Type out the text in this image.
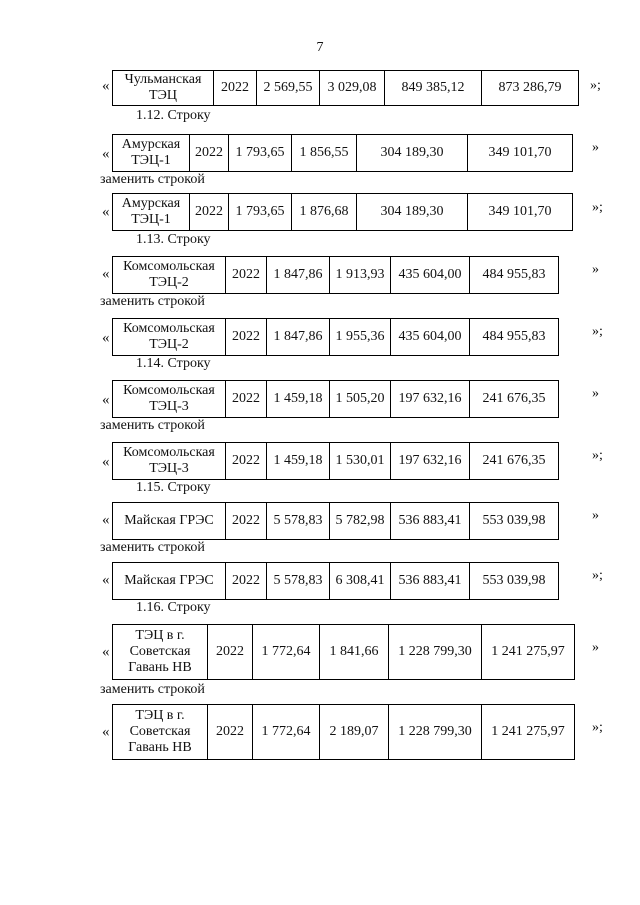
7
« Чульманская ТЭЦ	2022	2 569,55	3 029,08	849 385,12	873 286,79 »;
1.12. Строку
«
Амурская ТЭЦ-1	2022	1 793,65	1 856,55	304 189,30	349 101,70	»
заменить строкой
«
Амурская ТЭЦ-1	2022	1 793,65	1 876,68	304 189,30	349 101,70	»;
1.13. Строку
« Комсомольская ТЭЦ-2	2022	1 847,86	1 913,93	435 604,00	484 955,83	»
заменить строкой
«
Комсомольская ТЭЦ-2	2022	1 847,86	1 955,36	435 604,00	484 955,83	»;
1.14. Строку
«
Комсомольская ТЭЦ-3	2022	1 459,18	1 505,20	197 632,16	241 676,35	»
заменить строкой
«
Комсомольская ТЭЦ-3	2022	1 459,18	1 530,01	197 632,16	241 676,35	»;
1.15. Строку
« Майская ГРЭС	2022	5 578,83	5 782,98	536 883,41	553 039,98	»
заменить строкой
« Майская ГРЭС	2022	5 578,83	6 308,41	536 883,41	553 039,98	»;
1.16. Строку
«
ТЭЦ в г. Советская Гавань НВ	2022	1 772,64	1 841,66	1 228 799,30	1 241 275,97 »
заменить строкой
«
ТЭЦ в г. Советская Гавань НВ	2022	1 772,64	2 189,07	1 228 799,30	1 241 275,97 »;
